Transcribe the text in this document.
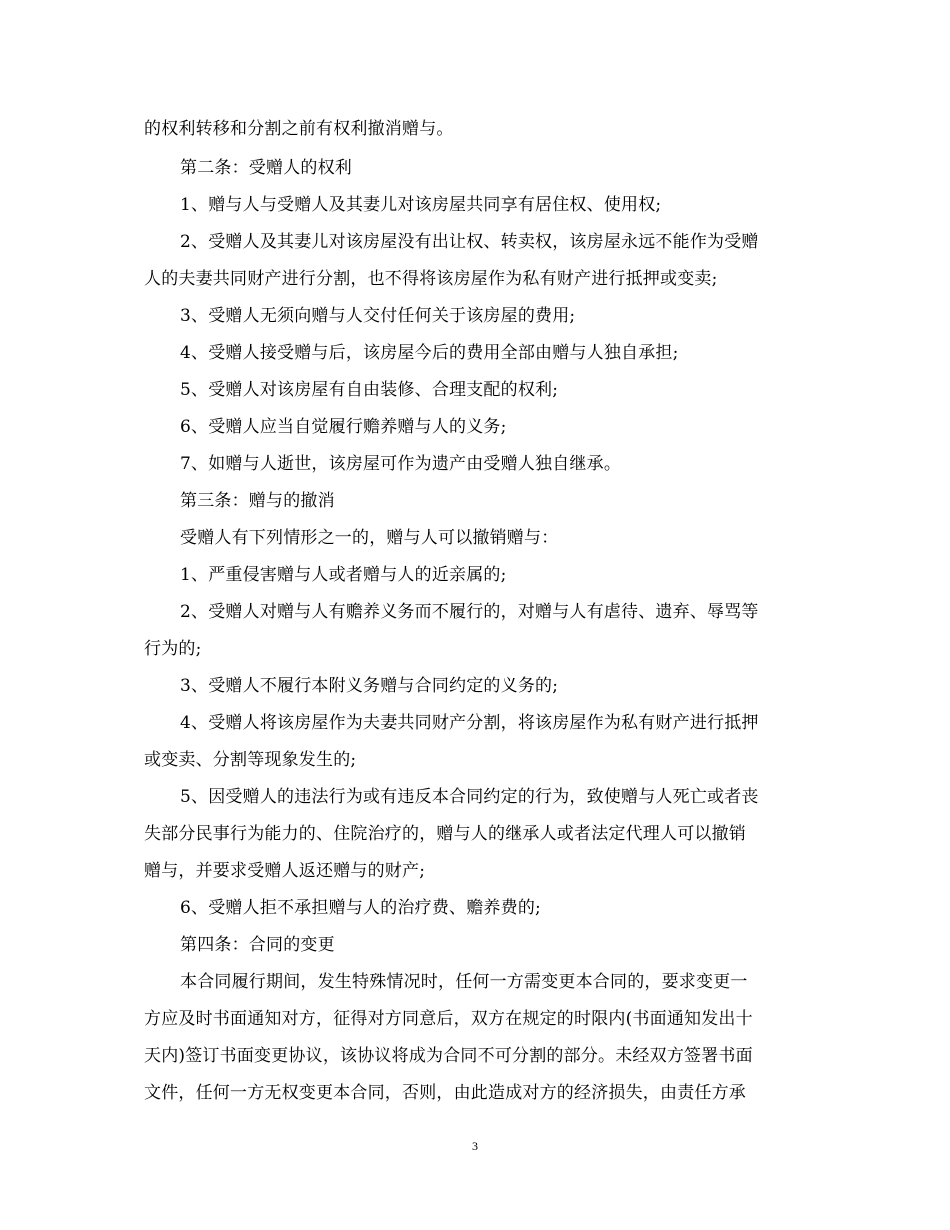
的权利转移和分割之前有权利撤消赠与。
第二条：受赠人的权利
1、赠与人与受赠人及其妻儿对该房屋共同享有居住权、使用权;
2、受赠人及其妻儿对该房屋没有出让权、转卖权，该房屋永远不能作为受赠
人的夫妻共同财产进行分割，也不得将该房屋作为私有财产进行抵押或变卖;
3、受赠人无须向赠与人交付任何关于该房屋的费用;
4、受赠人接受赠与后，该房屋今后的费用全部由赠与人独自承担;
5、受赠人对该房屋有自由装修、合理支配的权利;
6、受赠人应当自觉履行赡养赠与人的义务;
7、如赠与人逝世，该房屋可作为遗产由受赠人独自继承。
第三条：赠与的撤消
受赠人有下列情形之一的，赠与人可以撤销赠与：
1、严重侵害赠与人或者赠与人的近亲属的;
2、受赠人对赠与人有赡养义务而不履行的，对赠与人有虐待、遗弃、辱骂等
行为的;
3、受赠人不履行本附义务赠与合同约定的义务的;
4、受赠人将该房屋作为夫妻共同财产分割，将该房屋作为私有财产进行抵押
或变卖、分割等现象发生的;
5、因受赠人的违法行为或有违反本合同约定的行为，致使赠与人死亡或者丧
失部分民事行为能力的、住院治疗的，赠与人的继承人或者法定代理人可以撤销
赠与，并要求受赠人返还赠与的财产;
6、受赠人拒不承担赠与人的治疗费、赡养费的;
第四条：合同的变更
本合同履行期间，发生特殊情况时，任何一方需变更本合同的，要求变更一
方应及时书面通知对方，征得对方同意后，双方在规定的时限内(书面通知发出十
天内)签订书面变更协议，该协议将成为合同不可分割的部分。未经双方签署书面
文件，任何一方无权变更本合同，否则，由此造成对方的经济损失，由责任方承
3
